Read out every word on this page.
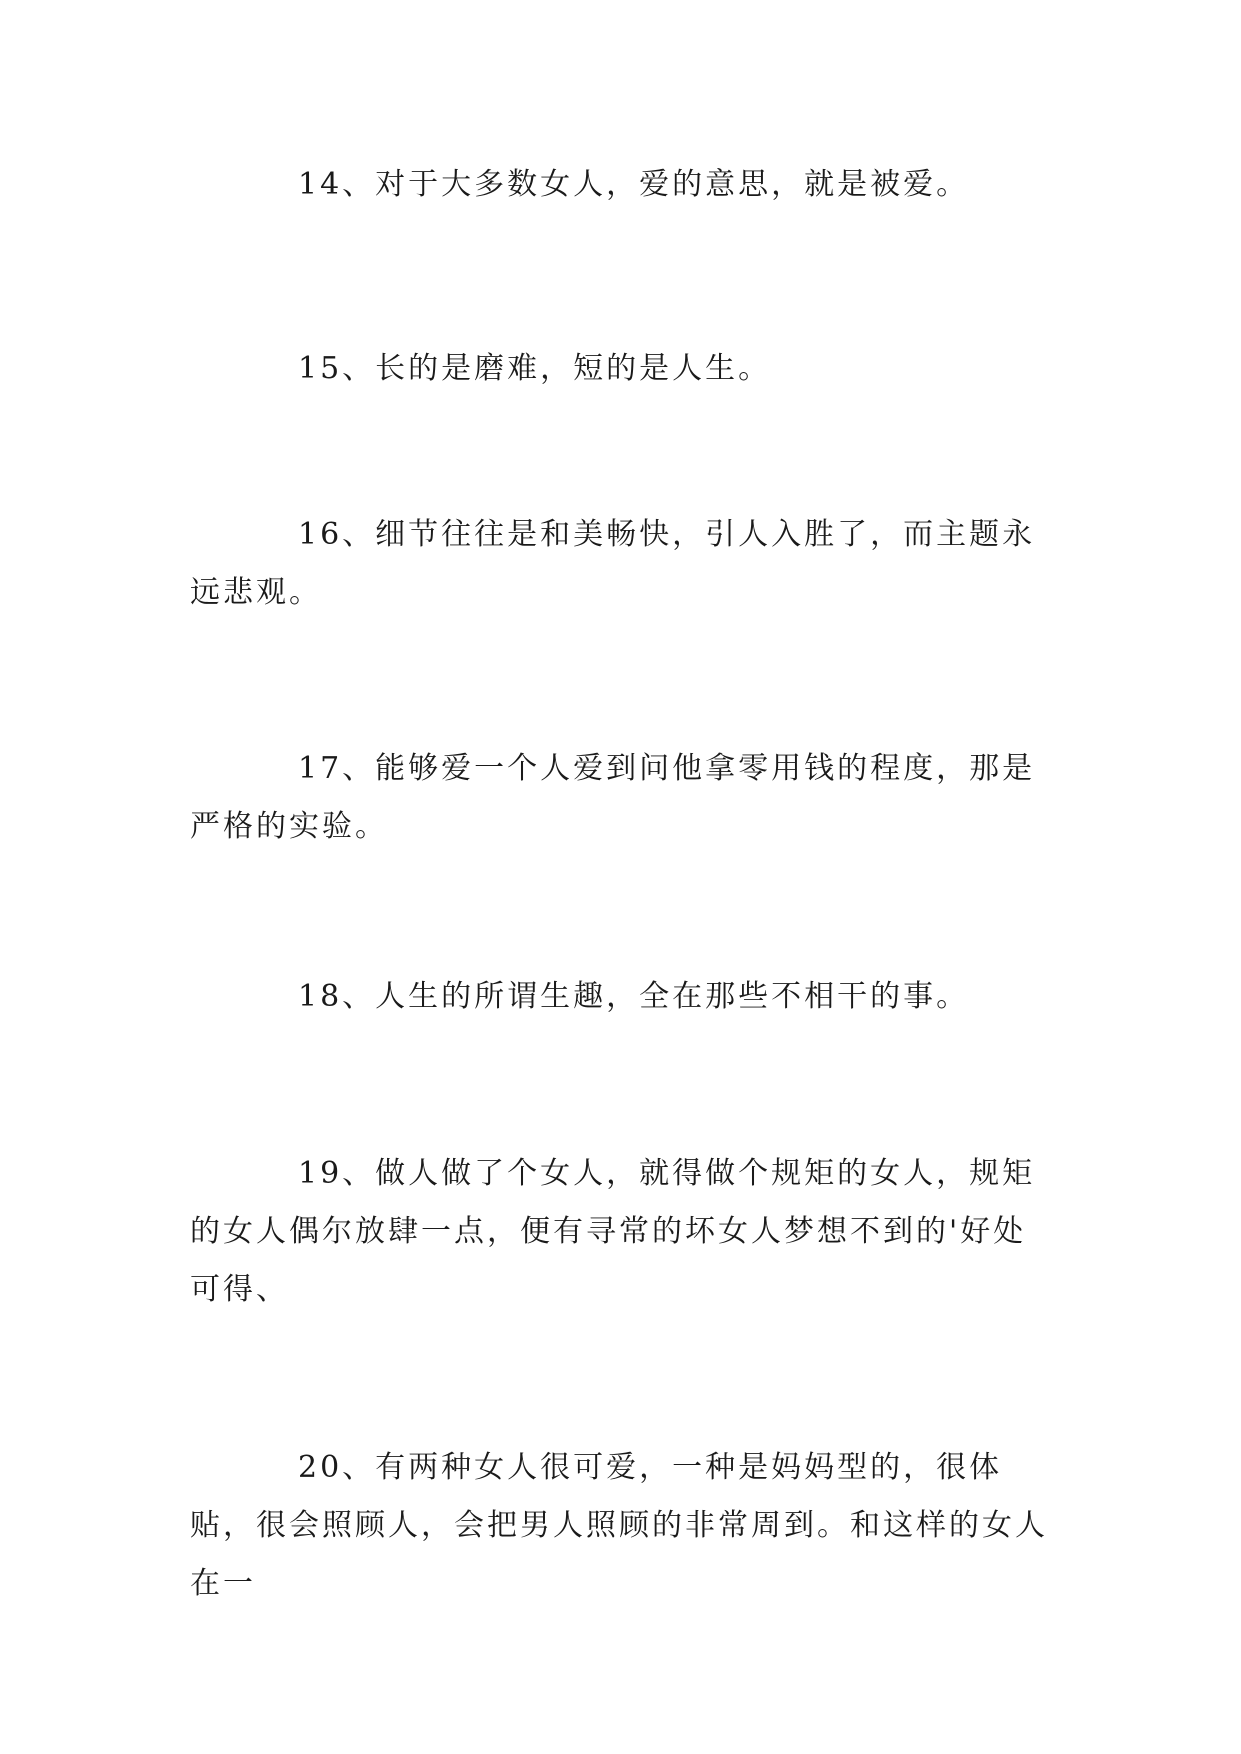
14、对于大多数女人，爱的意思，就是被爱。

15、长的是磨难，短的是人生。

16、细节往往是和美畅快，引人入胜了，而主题永远悲观。

17、能够爱一个人爱到问他拿零用钱的程度，那是严格的实验。

18、人生的所谓生趣，全在那些不相干的事。

19、做人做了个女人，就得做个规矩的女人，规矩的女人偶尔放肆一点，便有寻常的坏女人梦想不到的'好处可得、

20、有两种女人很可爱，一种是妈妈型的，很体贴，很会照顾人，会把男人照顾的非常周到。和这样的女人在一
